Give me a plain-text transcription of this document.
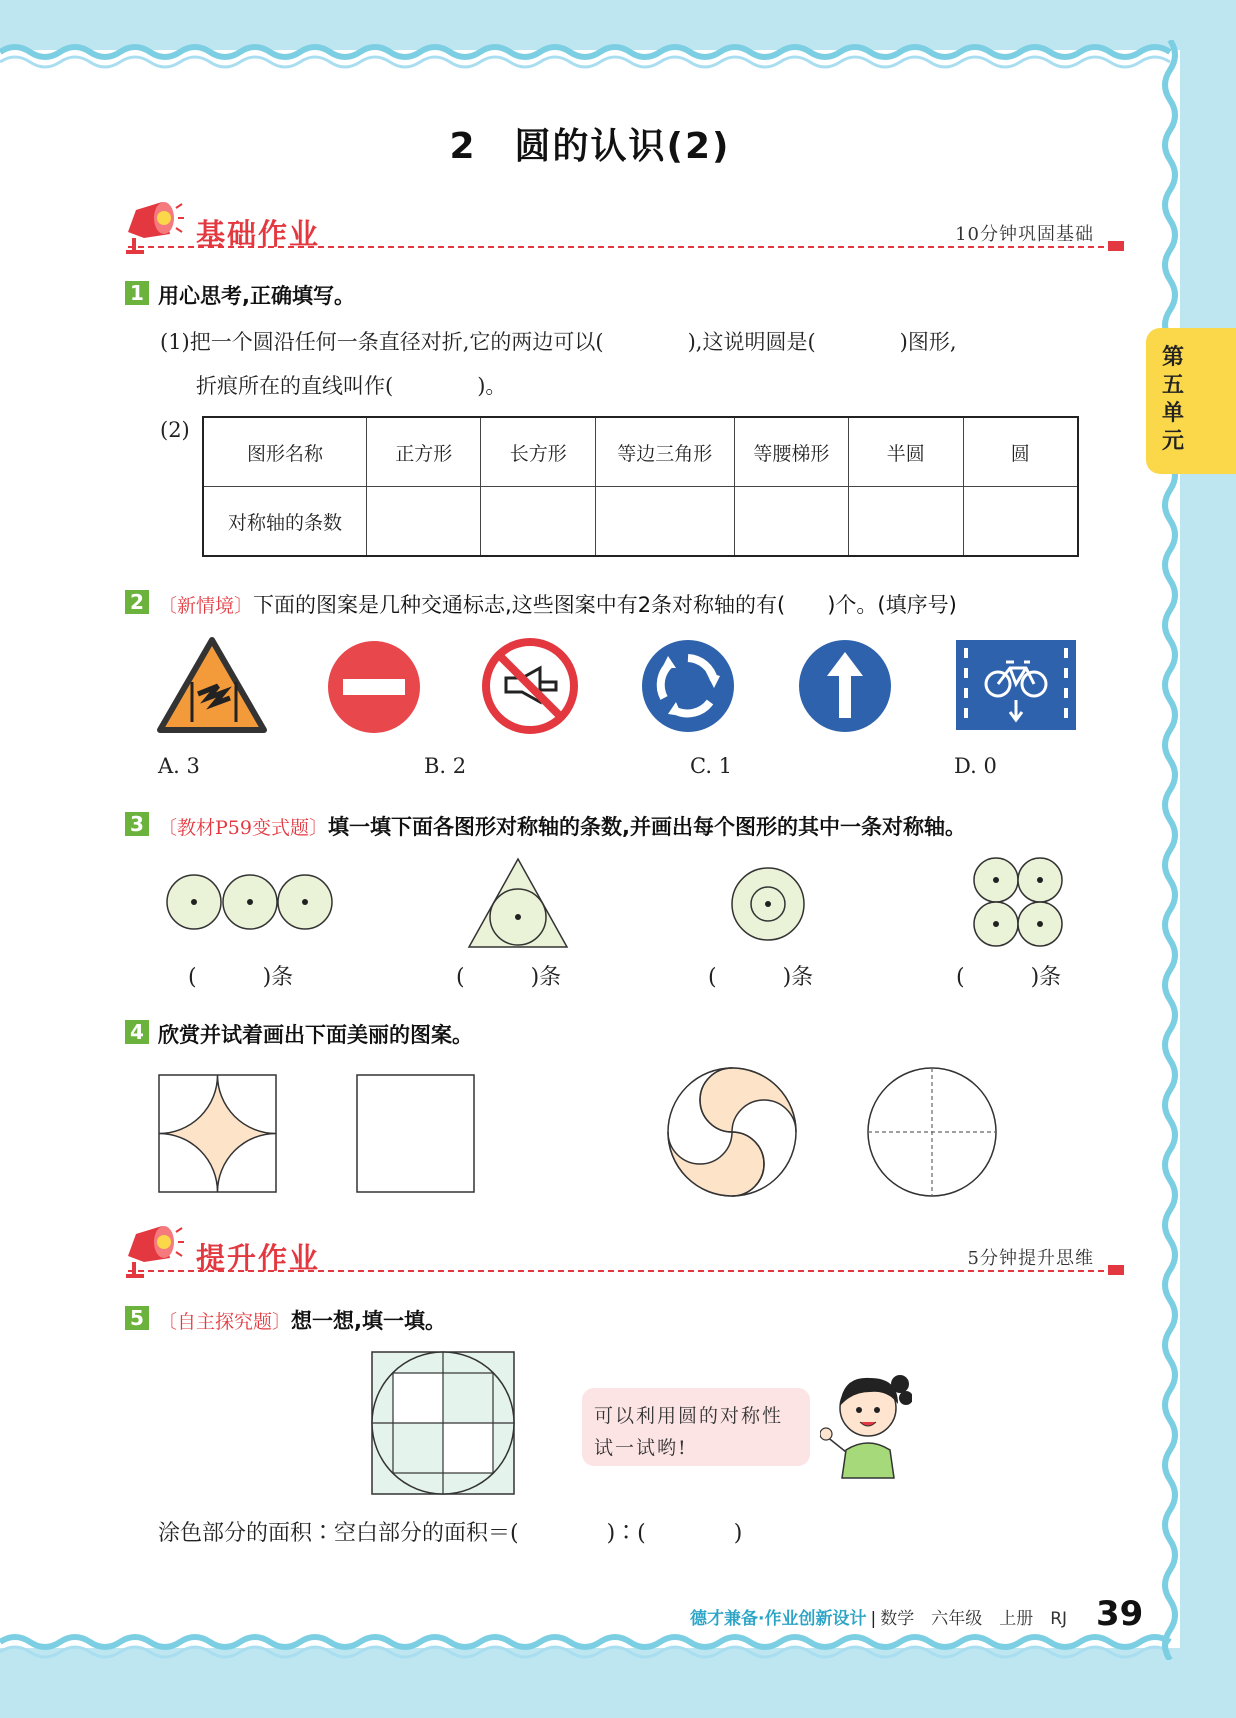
第五单元
2　圆的认识(2)
基础作业	10分钟巩固基础
1 用心思考,正确填写。
(1)把一个圆沿任何一条直径对折,它的两边可以(　　　　),这说明圆是(　　　　)图形,
折痕所在的直线叫作(　　　　)。
(2)
图形名称	正方形	长方形	等边三角形	等腰梯形	半圆	圆
对称轴的条数						
2 〔新情境〕下面的图案是几种交通标志,这些图案中有2条对称轴的有(　　)个。(填序号)
A. 3	B. 2	C. 1	D. 0
3 〔教材P59变式题〕填一填下面各图形对称轴的条数,并画出每个图形的其中一条对称轴。
(　　　)条	(　　　)条	(　　　)条	(　　　)条
4 欣赏并试着画出下面美丽的图案。
提升作业	5分钟提升思维
5 〔自主探究题〕想一想,填一填。
可以利用圆的对称性
试一试哟!
涂色部分的面积∶空白部分的面积＝(　　　　)∶(　　　　)
德才兼备·作业创新设计 | 数学　六年级　上册　RJ 39
